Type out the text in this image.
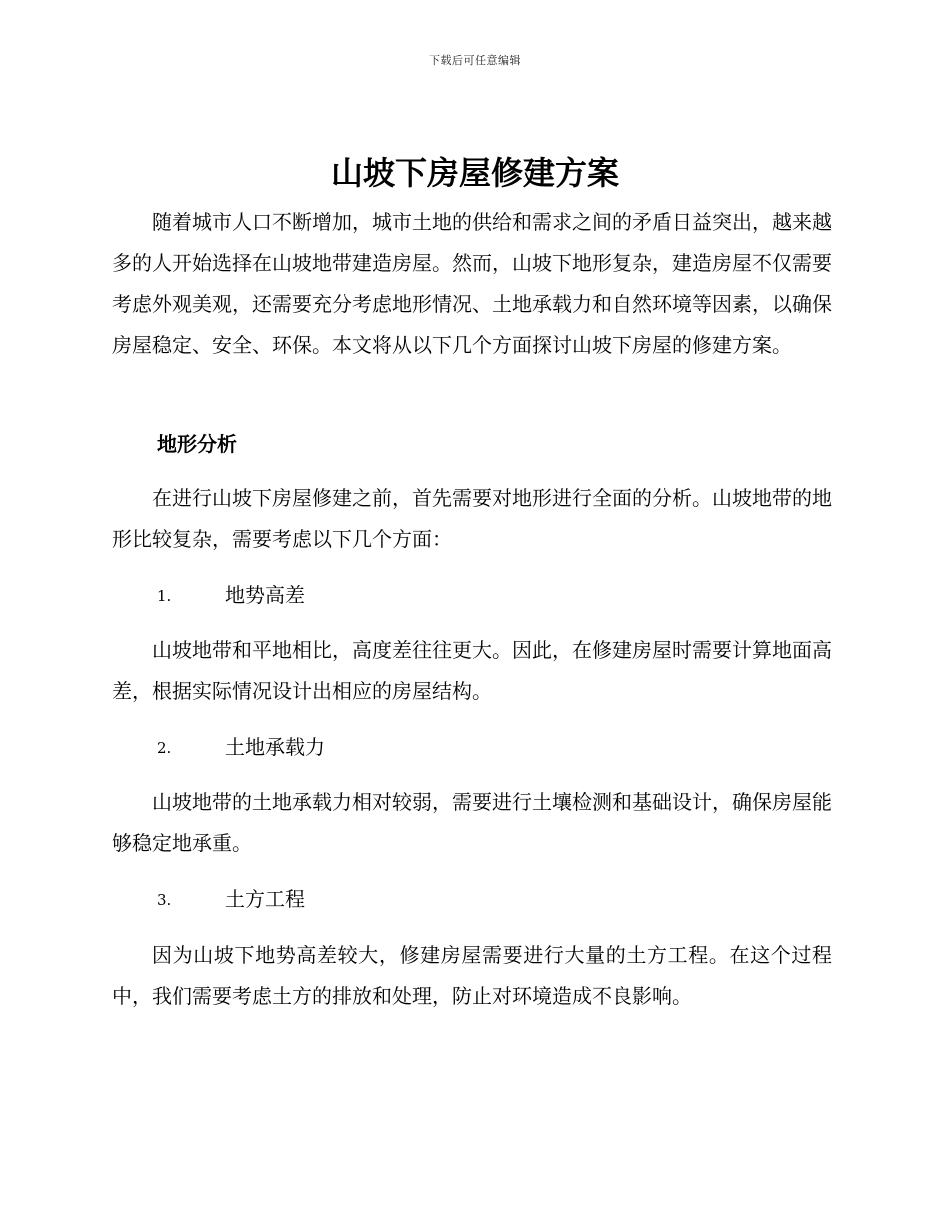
下载后可任意编辑
山坡下房屋修建方案

随着城市人口不断增加，城市土地的供给和需求之间的矛盾日益突出，越来越多的人开始选择在山坡地带建造房屋。然而，山坡下地形复杂，建造房屋不仅需要考虑外观美观，还需要充分考虑地形情况、土地承载力和自然环境等因素，以确保房屋稳定、安全、环保。本文将从以下几个方面探讨山坡下房屋的修建方案。

地形分析

在进行山坡下房屋修建之前，首先需要对地形进行全面的分析。山坡地带的地形比较复杂，需要考虑以下几个方面：

1.	地势高差

山坡地带和平地相比，高度差往往更大。因此，在修建房屋时需要计算地面高差，根据实际情况设计出相应的房屋结构。

2.	土地承载力

山坡地带的土地承载力相对较弱，需要进行土壤检测和基础设计，确保房屋能够稳定地承重。

3.	土方工程

因为山坡下地势高差较大，修建房屋需要进行大量的土方工程。在这个过程中，我们需要考虑土方的排放和处理，防止对环境造成不良影响。
